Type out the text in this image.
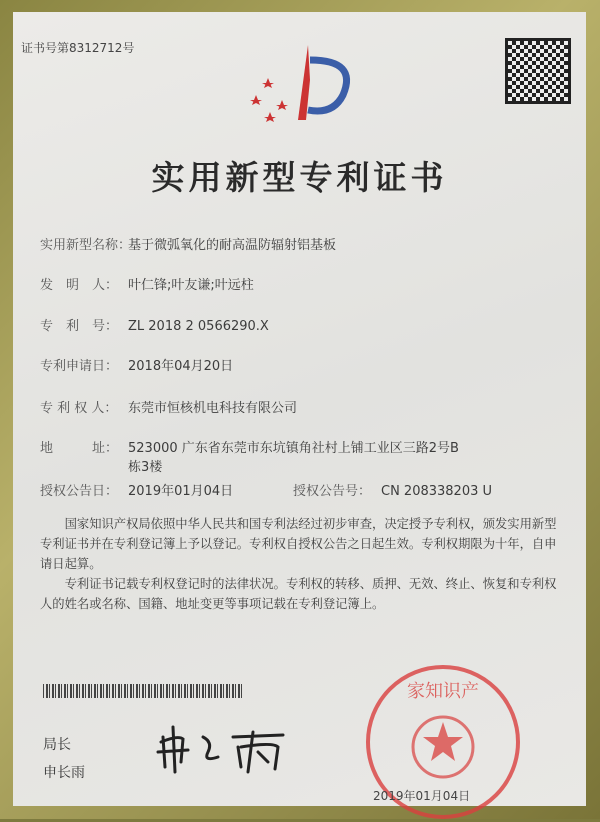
证书号第8312712号
实用新型专利证书
实用新型名称：基于微弧氧化的耐高温防辐射铝基板
发　明　人： 叶仁锋;叶友谦;叶远柱
专　利　号： ZL 2018 2 0566290.X
专利申请日： 2018年04月20日
专 利 权 人： 东莞市恒核机电科技有限公司
地　　　址： 523000 广东省东莞市东坑镇角社村上铺工业区三路2号B
栋3楼
授权公告日： 2019年01月04日	授权公告号： CN 208338203 U

国家知识产权局依照中华人民共和国专利法经过初步审查，决定授予专利权，颁发实用新型专利证书并在专利登记簿上予以登记。专利权自授权公告之日起生效。专利权期限为十年，自申请日起算。

专利证书记载专利权登记时的法律状况。专利权的转移、质押、无效、终止、恢复和专利权人的姓名或名称、国籍、地址变更等事项记载在专利登记簿上。

局长
申长雨
家知识产
2019年01月04日
